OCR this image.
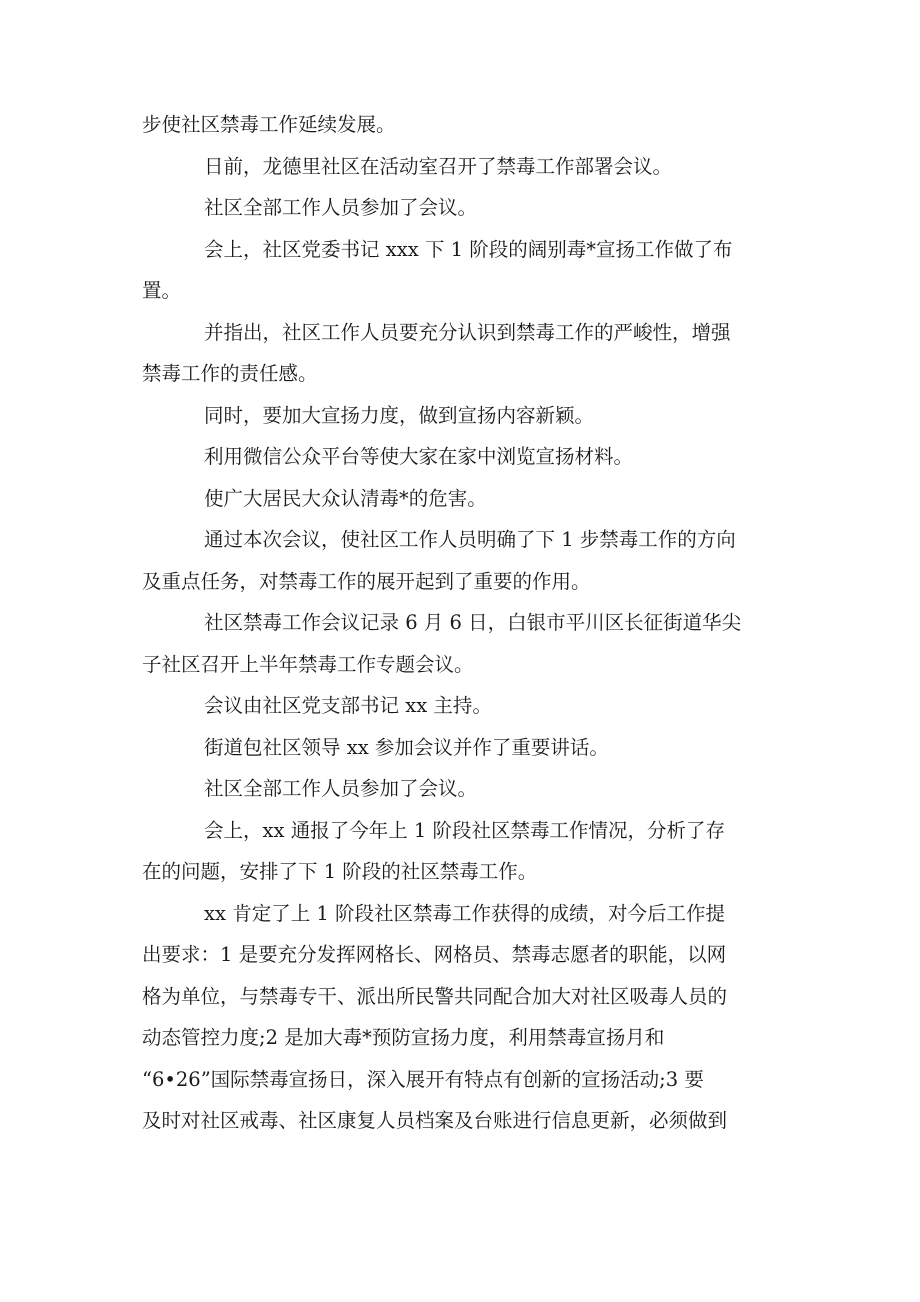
步使社区禁毒工作延续发展。
日前，龙德里社区在活动室召开了禁毒工作部署会议。
社区全部工作人员参加了会议。
会上，社区党委书记 xxx 下 1 阶段的阔别毒*宣扬工作做了布
置。
并指出，社区工作人员要充分认识到禁毒工作的严峻性，增强
禁毒工作的责任感。
同时，要加大宣扬力度，做到宣扬内容新颖。
利用微信公众平台等使大家在家中浏览宣扬材料。
使广大居民大众认清毒*的危害。
通过本次会议，使社区工作人员明确了下 1 步禁毒工作的方向
及重点任务，对禁毒工作的展开起到了重要的作用。
社区禁毒工作会议记录 6 月 6 日，白银市平川区长征街道华尖
子社区召开上半年禁毒工作专题会议。
会议由社区党支部书记 xx 主持。
街道包社区领导 xx 参加会议并作了重要讲话。
社区全部工作人员参加了会议。
会上，xx 通报了今年上 1 阶段社区禁毒工作情况，分析了存
在的问题，安排了下 1 阶段的社区禁毒工作。
xx 肯定了上 1 阶段社区禁毒工作获得的成绩，对今后工作提
出要求：1 是要充分发挥网格长、网格员、禁毒志愿者的职能，以网
格为单位，与禁毒专干、派出所民警共同配合加大对社区吸毒人员的
动态管控力度;2 是加大毒*预防宣扬力度，利用禁毒宣扬月和
“6•26”国际禁毒宣扬日，深入展开有特点有创新的宣扬活动;3 要
及时对社区戒毒、社区康复人员档案及台账进行信息更新，必须做到
